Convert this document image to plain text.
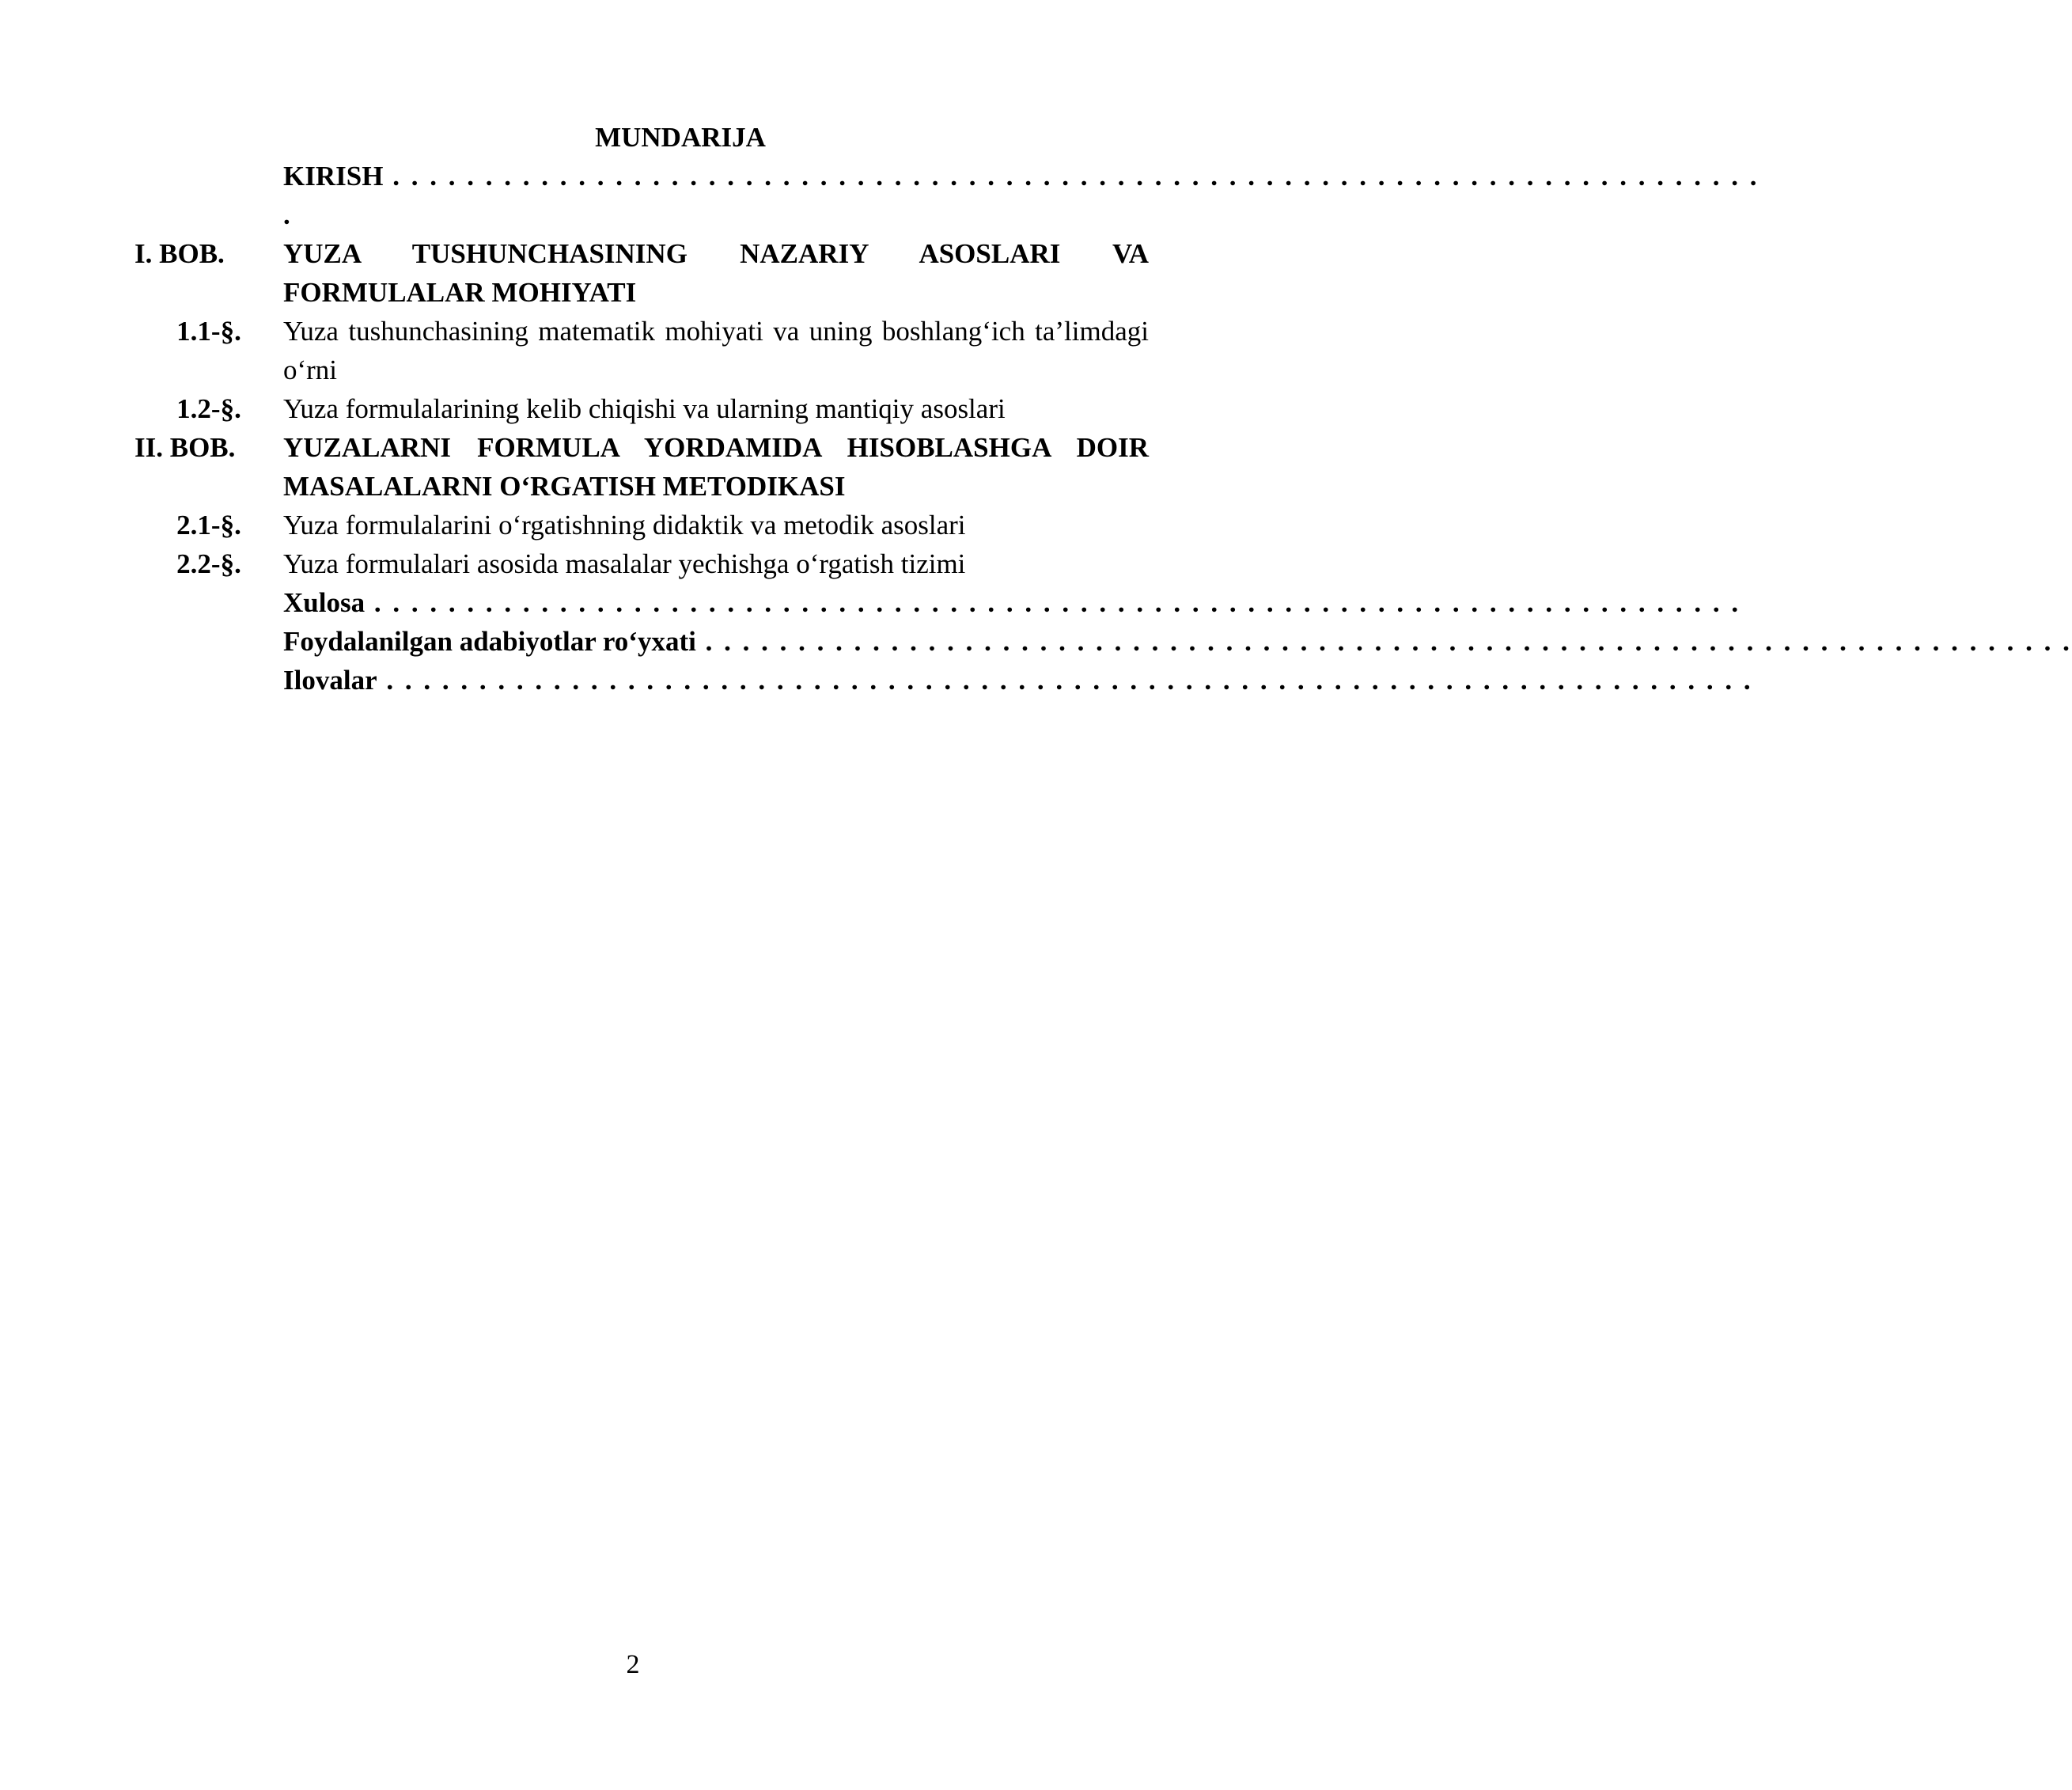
MUNDARIJA
KIRISH . . . . . . . . . . . . . . . . . . . . . . . . . . . . . . . . . . . . . . . . . . . . . . . . . . . . . . . . . . . . . . . . . . . . . . . . . .
.
I. BOB.	YUZA TUSHUNCHASINING NAZARIY ASOSLARI VA FORMULALAR MOHIYATI
1.1-§.	Yuza tushunchasining matematik mohiyati va uning boshlang‘ich ta’limdagi o‘rni
1.2-§.	Yuza formulalarining kelib chiqishi va ularning mantiqiy asoslari
II. BOB.	YUZALARNI FORMULA YORDAMIDA HISOBLASHGA DOIR MASALALARNI O‘RGATISH METODIKASI
2.1-§.	Yuza formulalarini o‘rgatishning didaktik va metodik asoslari
2.2-§.	Yuza formulalari asosida masalalar yechishga o‘rgatish tizimi
Xulosa . . . . . . . . . . . . . . . . . . . . . . . . . . . . . . . . . . . . . . . . . . . . . . . . . . . . . . . . . . . . . . . . . . . . . . . . . .
Foydalanilgan adabiyotlar ro‘yxati . . . . . . . . . . . . . . . . . . . . . . . . . . . . . . . . . . . . . . . . . . . . . . . . . . . . . . . . . . . . . . . . . . . . . . . . . .
Ilovalar . . . . . . . . . . . . . . . . . . . . . . . . . . . . . . . . . . . . . . . . . . . . . . . . . . . . . . . . . . . . . . . . . . . . . . . . . .
2
